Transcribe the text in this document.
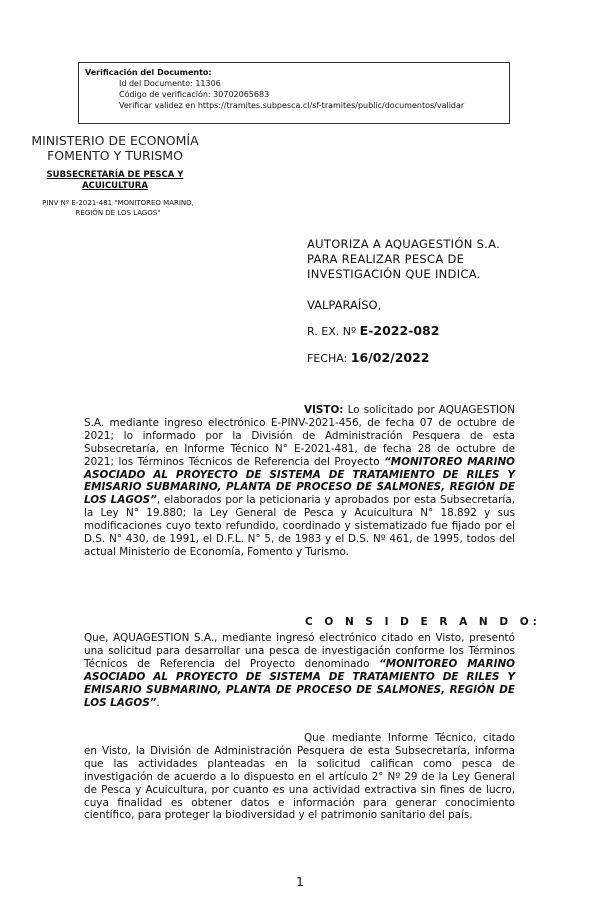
Verificación del Documento:
• Id del Documento: 11306
• Código de verificación: 30702065683
• Verificar validez en https://tramites.subpesca.cl/sf-tramites/public/documentos/validar
MINISTERIO DE ECONOMÍA
FOMENTO Y TURISMO
SUBSECRETARÍA DE PESCA Y ACUICULTURA
PINV Nº E-2021-481 "MONITOREO MARINO, REGIÓN DE LOS LAGOS"
AUTORIZA A AQUAGESTIÓN S.A. PARA REALIZAR PESCA DE INVESTIGACIÓN QUE INDICA.
VALPARAÍSO,
R. EX. Nº E-2022-082
FECHA: 16/02/2022
VISTO: Lo solicitado por AQUAGESTION S.A. mediante ingreso electrónico E-PINV-2021-456, de fecha 07 de octubre de 2021; lo informado por la División de Administración Pesquera de esta Subsecretaría, en Informe Técnico N° E-2021-481, de fecha 28 de octubre de 2021; los Términos Técnicos de Referencia del Proyecto “MONITOREO MARINO ASOCIADO AL PROYECTO DE SISTEMA DE TRATAMIENTO DE RILES Y EMISARIO SUBMARINO, PLANTA DE PROCESO DE SALMONES, REGIÓN DE LOS LAGOS”, elaborados por la peticionaria y aprobados por esta Subsecretaría, la Ley N° 19.880; la Ley General de Pesca y Acuicultura N° 18.892 y sus modificaciones cuyo texto refundido, coordinado y sistematizado fue fijado por el D.S. N° 430, de 1991, el D.F.L. N° 5, de 1983 y el D.S. Nº 461, de 1995, todos del actual Ministerio de Economía, Fomento y Turismo.
C O N S I D E R A N D O:
Que, AQUAGESTION S.A., mediante ingresó electrónico citado en Visto, presentó una solicitud para desarrollar una pesca de investigación conforme los Términos Técnicos de Referencia del Proyecto denominado “MONITOREO MARINO ASOCIADO AL PROYECTO DE SISTEMA DE TRATAMIENTO DE RILES Y EMISARIO SUBMARINO, PLANTA DE PROCESO DE SALMONES, REGIÓN DE LOS LAGOS”.
Que mediante Informe Técnico, citado en Visto, la División de Administración Pesquera de esta Subsecretaría, informa que las actividades planteadas en la solicitud califican como pesca de investigación de acuerdo a lo dispuesto en el artículo 2° Nº 29 de la Ley General de Pesca y Acuicultura, por cuanto es una actividad extractiva sin fines de lucro, cuya finalidad es obtener datos e información para generar conocimiento científico, para proteger la biodiversidad y el patrimonio sanitario del país.
1
